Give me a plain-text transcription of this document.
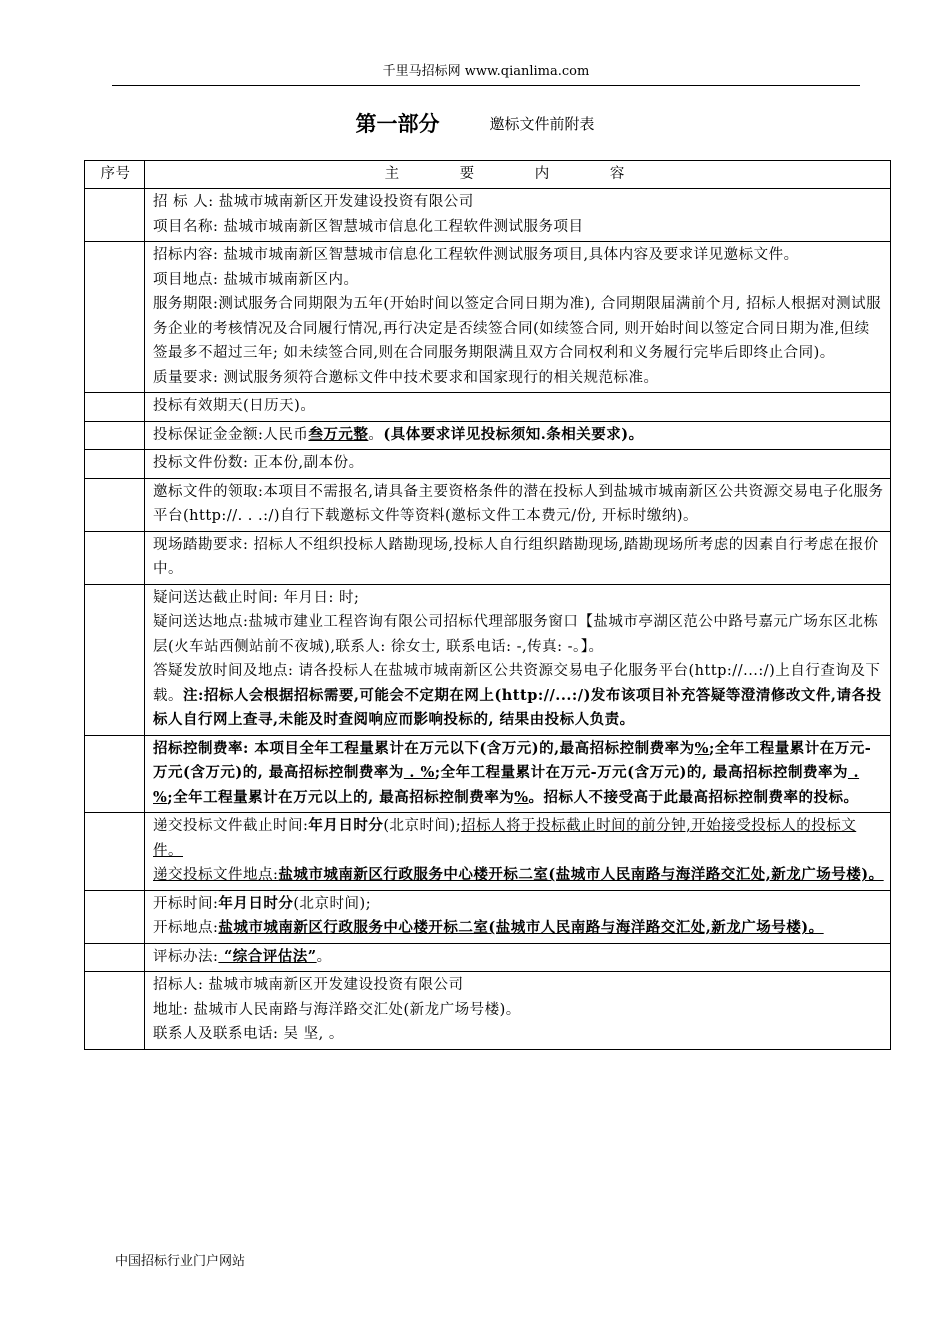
千里马招标网 www.qianlima.com
第一部分	邀标文件前附表
序号	主 要 内 容

	招 标 人: 盐城市城南新区开发建设投资有限公司
项目名称: 盐城市城南新区智慧城市信息化工程软件测试服务项目

	招标内容: 盐城市城南新区智慧城市信息化工程软件测试服务项目,具体内容及要求详见邀标文件。
项目地点: 盐城市城南新区内。
服务期限:测试服务合同期限为五年(开始时间以签定合同日期为准), 合同期限届满前个月, 招标人根据对测试服务企业的考核情况及合同履行情况,再行决定是否续签合同(如续签合同, 则开始时间以签定合同日期为准,但续签最多不超过三年; 如未续签合同,则在合同服务期限满且双方合同权利和义务履行完毕后即终止合同)。
质量要求: 测试服务须符合邀标文件中技术要求和国家现行的相关规范标准。

	投标有效期天(日历天)。
	投标保证金金额:人民币叁万元整。(具体要求详见投标须知.条相关要求)。
	投标文件份数: 正本份,副本份。
	邀标文件的领取:本项目不需报名,请具备主要资格条件的潜在投标人到盐城市城南新区公共资源交易电子化服务平台(http://. . .:/)自行下载邀标文件等资料(邀标文件工本费元/份, 开标时缴纳)。
	现场踏勘要求: 招标人不组织投标人踏勘现场,投标人自行组织踏勘现场,踏勘现场所考虑的因素自行考虑在报价中。

	疑问送达截止时间: 年月日: 时;
疑问送达地点:盐城市建业工程咨询有限公司招标代理部服务窗口【盐城市亭湖区范公中路号嘉元广场东区北栋层(火车站西侧站前不夜城),联系人: 徐女士, 联系电话: -,传真: -。】。
答疑发放时间及地点: 请各投标人在盐城市城南新区公共资源交易电子化服务平台(http://...:/)上自行查询及下载。注:招标人会根据招标需要,可能会不定期在网上(http://...:/)发布该项目补充答疑等澄清修改文件,请各投标人自行网上查寻,未能及时查阅响应而影响投标的, 结果由投标人负责。

	招标控制费率: 本项目全年工程量累计在万元以下(含万元)的,最高招标控制费率为%;全年工程量累计在万元-万元(含万元)的, 最高招标控制费率为 . %;全年工程量累计在万元-万元(含万元)的, 最高招标控制费率为 . %;全年工程量累计在万元以上的, 最高招标控制费率为%。招标人不接受高于此最高招标控制费率的投标。

	递交投标文件截止时间:年月日时分(北京时间);招标人将于投标截止时间的前分钟,开始接受投标人的投标文件。
递交投标文件地点:盐城市城南新区行政服务中心楼开标二室(盐城市人民南路与海洋路交汇处,新龙广场号楼)。

	开标时间:年月日时分(北京时间);
开标地点:盐城市城南新区行政服务中心楼开标二室(盐城市人民南路与海洋路交汇处,新龙广场号楼)。

	评标办法: “综合评估法”。

	招标人: 盐城市城南新区开发建设投资有限公司
地址: 盐城市人民南路与海洋路交汇处(新龙广场号楼)。
联系人及联系电话: 吴 坚, 。
中国招标行业门户网站
